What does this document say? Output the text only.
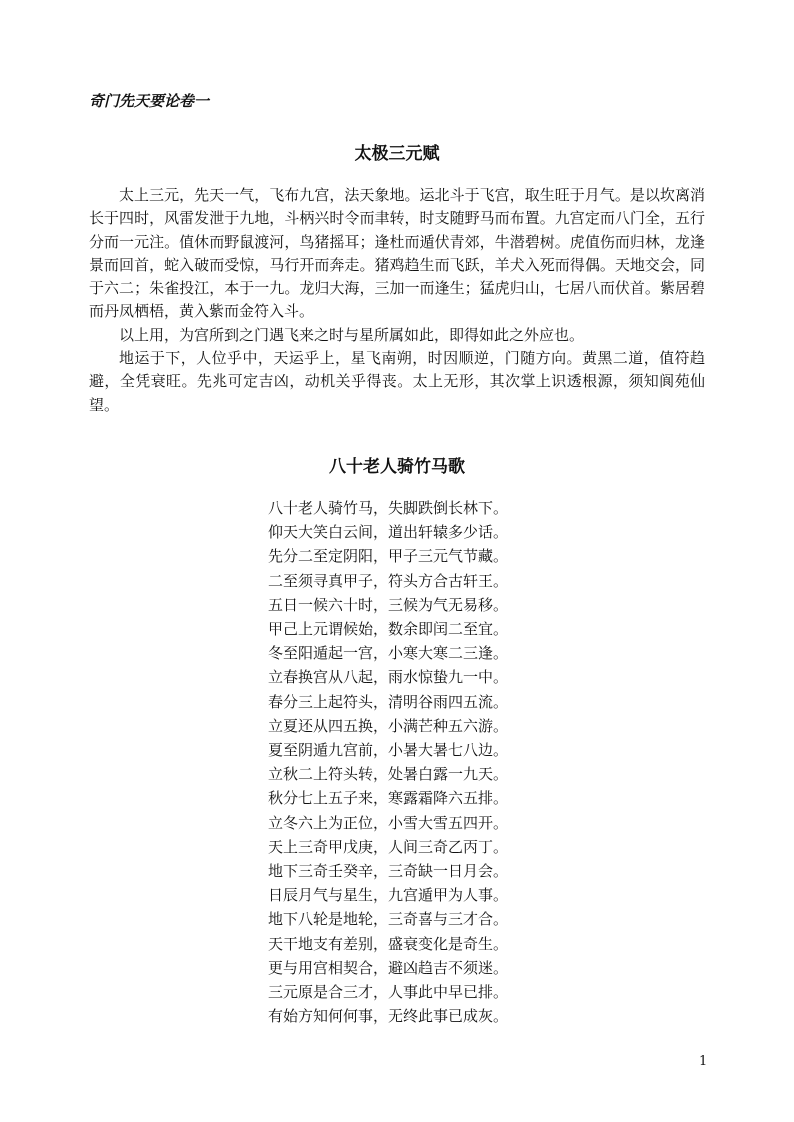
奇门先天要论卷一
太极三元赋

太上三元，先天一气，飞布九宫，法天象地。运北斗于飞宫，取生旺于月气。是以坎离消长于四时，风雷发泄于九地，斗柄兴时令而聿转，时支随野马而布置。九宫定而八门全，五行分而一元注。值休而野鼠渡河，鸟猪摇耳；逢杜而遁伏青郊，牛潜碧树。虎值伤而归林，龙逢景而回首，蛇入破而受惊，马行开而奔走。猪鸡趋生而飞跃，羊犬入死而得偶。天地交会，同于六二；朱雀投江，本于一九。龙归大海，三加一而逢生；猛虎归山，七居八而伏首。紫居碧而丹凤栖梧，黄入紫而金符入斗。

以上用，为宫所到之门遇飞来之时与星所属如此，即得如此之外应也。

地运于下，人位乎中，天运乎上，星飞南朔，时因顺逆，门随方向。黄黑二道，值符趋避，全凭衰旺。先兆可定吉凶，动机关乎得丧。太上无形，其次掌上识透根源，须知阆苑仙望。

八十老人骑竹马歌
八十老人骑竹马，失脚跌倒长林下。
仰天大笑白云间，道出轩辕多少话。
先分二至定阴阳，甲子三元气节藏。
二至须寻真甲子，符头方合古轩王。
五日一候六十时，三候为气无易移。
甲己上元谓候始，数余即闰二至宜。
冬至阳遁起一宫，小寒大寒二三逢。
立春换宫从八起，雨水惊蛰九一中。
春分三上起符头，清明谷雨四五流。
立夏还从四五换，小满芒种五六游。
夏至阴遁九宫前，小暑大暑七八边。
立秋二上符头转，处暑白露一九天。
秋分七上五子来，寒露霜降六五排。
立冬六上为正位，小雪大雪五四开。
天上三奇甲戊庚，人间三奇乙丙丁。
地下三奇壬癸辛，三奇缺一日月会。
日辰月气与星生，九宫遁甲为人事。
地下八轮是地轮，三奇喜与三才合。
天干地支有差别，盛衰变化是奇生。
更与用宫相契合，避凶趋吉不须迷。
三元原是合三才，人事此中早已排。
有始方知何何事，无终此事已成灰。
1
